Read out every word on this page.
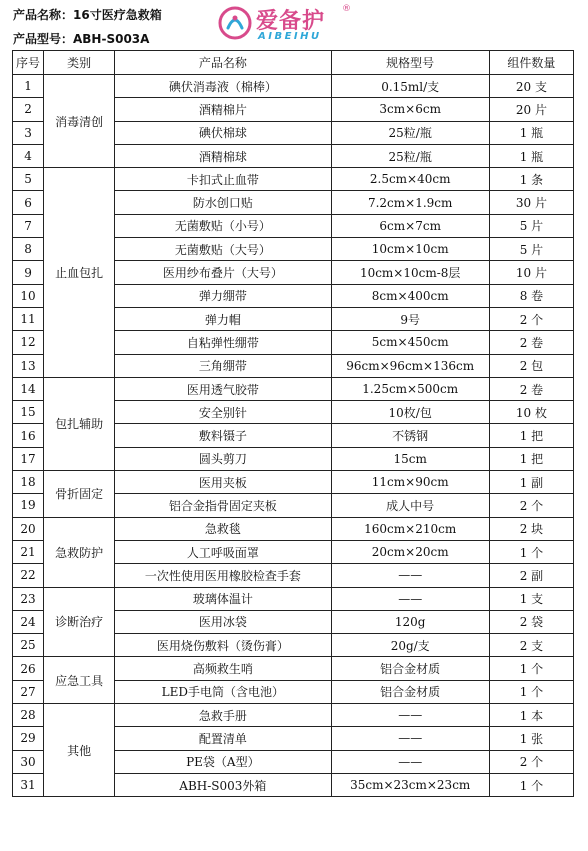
产品名称：16寸医疗急救箱
产品型号：ABH-S003A
爱备护 ®
AIBEIHU
序号	类别	产品名称	规格型号	组件数量
1	消毒清创	碘伏消毒液（棉棒）	0.15ml/支	20 支
2		酒精棉片	3cm×6cm	20 片
3		碘伏棉球	25粒/瓶	1 瓶
4		酒精棉球	25粒/瓶	1 瓶
5	止血包扎	卡扣式止血带	2.5cm×40cm	1 条
6		防水创口贴	7.2cm×1.9cm	30 片
7		无菌敷贴（小号）	6cm×7cm	5 片
8		无菌敷贴（大号）	10cm×10cm	5 片
9		医用纱布叠片（大号）	10cm×10cm-8层	10 片
10		弹力绷带	8cm×400cm	8 卷
11		弹力帽	9号	2 个
12		自粘弹性绷带	5cm×450cm	2 卷
13		三角绷带	96cm×96cm×136cm	2 包
14	包扎辅助	医用透气胶带	1.25cm×500cm	2 卷
15		安全别针	10枚/包	10 枚
16		敷料镊子	不锈钢	1 把
17		圆头剪刀	15cm	1 把
18	骨折固定	医用夹板	11cm×90cm	1 副
19		铝合金指骨固定夹板	成人中号	2 个
20	急救防护	急救毯	160cm×210cm	2 块
21		人工呼吸面罩	20cm×20cm	1 个
22		一次性使用医用橡胶检查手套	——	2 副
23	诊断治疗	玻璃体温计	——	1 支
24		医用冰袋	120g	2 袋
25		医用烧伤敷料（烫伤膏）	20g/支	2 支
26	应急工具	高频救生哨	铝合金材质	1 个
27		LED手电筒（含电池）	铝合金材质	1 个
28	其他	急救手册	——	1 本
29		配置清单	——	1 张
30		PE袋（A型）	——	2 个
31		ABH-S003外箱	35cm×23cm×23cm	1 个
